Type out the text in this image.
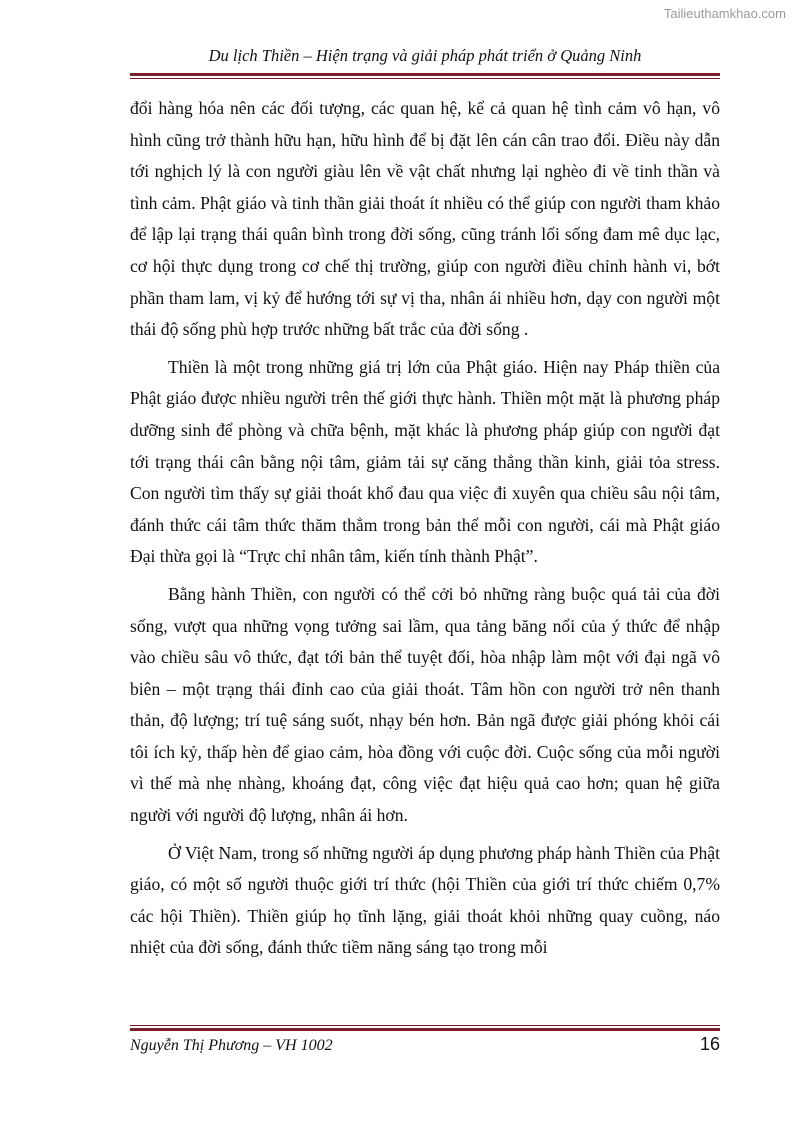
Tailieuthamkhao.com
Du lịch Thiền – Hiện trạng và giải pháp phát triển ở Quảng Ninh

đổi hàng hóa nên các đối tượng, các quan hệ, kể cả quan hệ tình cảm vô hạn, vô hình cũng trở thành hữu hạn, hữu hình để bị đặt lên cán cân trao đổi. Điều này dẫn tới nghịch lý là con người giàu lên về vật chất nhưng lại nghèo đi về tinh thần và tình cảm. Phật giáo và tinh thần giải thoát ít nhiều có thể giúp con người tham khảo để lập lại trạng thái quân bình trong đời sống, cũng tránh lối sống đam mê dục lạc, cơ hội thực dụng trong cơ chế thị trường, giúp con người điều chỉnh hành vi, bớt phần tham lam, vị kỷ để hướng tới sự vị tha, nhân ái nhiều hơn, dạy con người một thái độ sống phù hợp trước những bất trắc của đời sống .

Thiền là một trong những giá trị lớn của Phật giáo. Hiện nay Pháp thiền của Phật giáo được nhiều người trên thế giới thực hành. Thiền một mặt là phương pháp dưỡng sinh để phòng và chữa bệnh, mặt khác là phương pháp giúp con người đạt tới trạng thái cân bằng nội tâm, giảm tải sự căng thẳng thần kinh, giải tỏa stress. Con người tìm thấy sự giải thoát khổ đau qua việc đi xuyên qua chiều sâu nội tâm, đánh thức cái tâm thức thăm thẳm trong bản thể mỗi con người, cái mà Phật giáo Đại thừa gọi là “Trực chỉ nhân tâm, kiến tính thành Phật”.

Bằng hành Thiền, con người có thể cởi bỏ những ràng buộc quá tải của đời sống, vượt qua những vọng tưởng sai lầm, qua tảng băng nổi của ý thức để nhập vào chiều sâu vô thức, đạt tới bản thể tuyệt đối, hòa nhập làm một với đại ngã vô biên – một trạng thái đỉnh cao của giải thoát. Tâm hồn con người trở nên thanh thản, độ lượng; trí tuệ sáng suốt, nhạy bén hơn. Bản ngã được giải phóng khỏi cái tôi ích kỷ, thấp hèn để giao cảm, hòa đồng với cuộc đời. Cuộc sống của mỗi người vì thế mà nhẹ nhàng, khoáng đạt, công việc đạt hiệu quả cao hơn; quan hệ giữa người với người độ lượng, nhân ái hơn.

Ở Việt Nam, trong số những người áp dụng phương pháp hành Thiền của Phật giáo, có một số người thuộc giới trí thức (hội Thiền của giới trí thức chiếm 0,7% các hội Thiền). Thiền giúp họ tĩnh lặng, giải thoát khỏi những quay cuồng, náo nhiệt của đời sống, đánh thức tiềm năng sáng tạo trong mỗi

Nguyễn Thị Phương – VH 1002	16
